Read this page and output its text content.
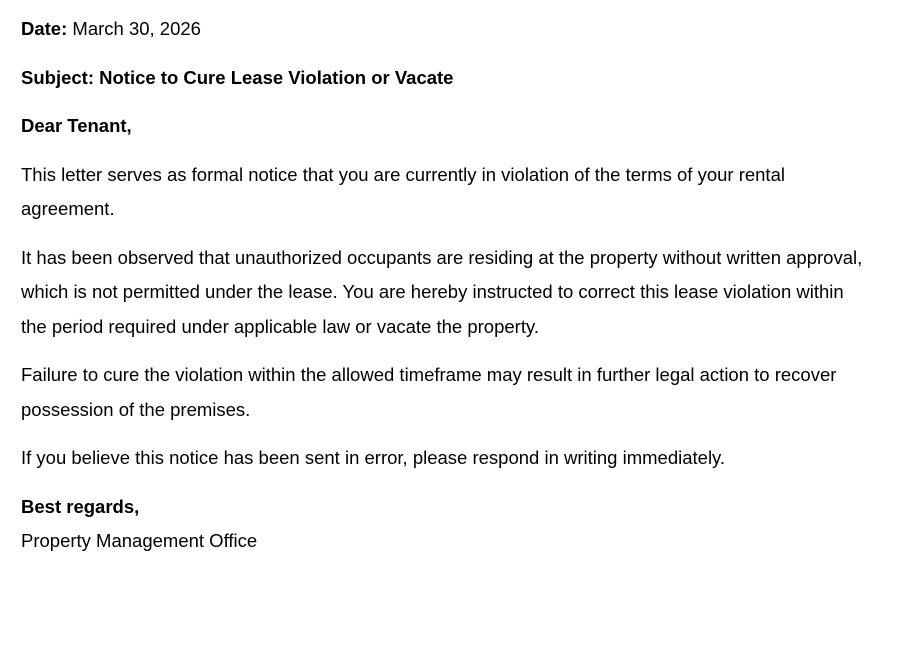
Date: March 30, 2026

Subject: Notice to Cure Lease Violation or Vacate

Dear Tenant,

This letter serves as formal notice that you are currently in violation of the terms of your rental agreement.

It has been observed that unauthorized occupants are residing at the property without written approval, which is not permitted under the lease. You are hereby instructed to correct this lease violation within the period required under applicable law or vacate the property.

Failure to cure the violation within the allowed timeframe may result in further legal action to recover possession of the premises.

If you believe this notice has been sent in error, please respond in writing immediately.

Best regards,

Property Management Office
